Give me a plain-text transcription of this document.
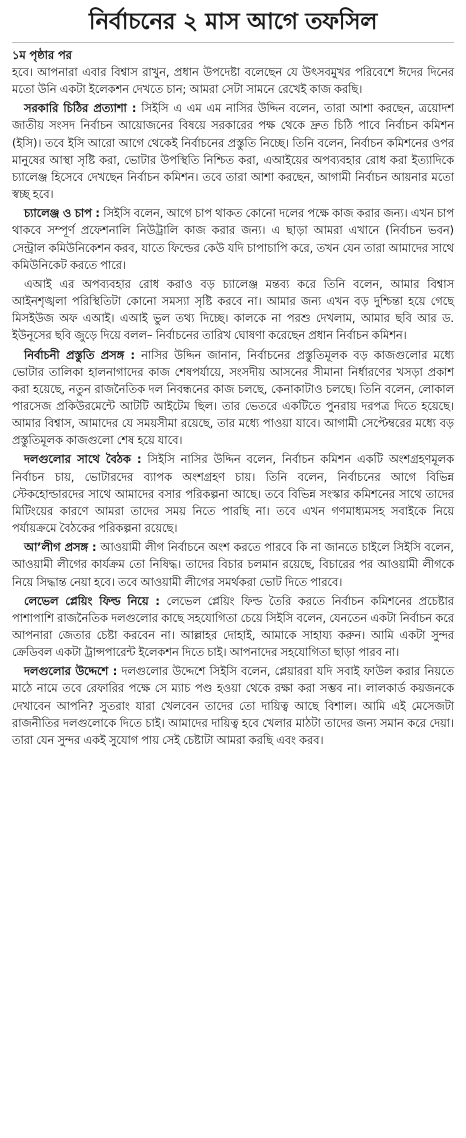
নির্বাচনের ২ মাস আগে তফসিল
১ম পৃষ্ঠার পর

হবে। আপনারা এবার বিশ্বাস রাখুন, প্রধান উপদেষ্টা বলেছেন যে উৎসবমুখর পরিবেশে ঈদের দিনের মতো উনি একটা ইলেকশন দেখতে চান; আমরা সেটা সামনে রেখেই কাজ করছি।

সরকারি চিঠির প্রত্যাশা : সিইসি এ এম এম নাসির উদ্দিন বলেন, তারা আশা করছেন, ত্রয়োদশ জাতীয় সংসদ নির্বাচন আয়োজনের বিষয়ে সরকারের পক্ষ থেকে দ্রুত চিঠি পাবে নির্বাচন কমিশন (ইসি)। তবে ইসি আরো আগে থেকেই নির্বাচনের প্রস্তুতি নিচ্ছে। তিনি বলেন, নির্বাচন কমিশনের ওপর মানুষের আস্থা সৃষ্টি করা, ভোটার উপস্থিতি নিশ্চিত করা, এআইয়ের অপব্যবহার রোধ করা ইত্যাদিকে চ্যালেঞ্জ হিসেবে দেখছেন নির্বাচন কমিশন। তবে তারা আশা করছেন, আগামী নির্বাচন আয়নার মতো স্বচ্ছ হবে।

চ্যালেঞ্জ ও চাপ : সিইসি বলেন, আগে চাপ থাকত কোনো দলের পক্ষে কাজ করার জন্য। এখন চাপ থাকবে সম্পূর্ণ প্রফেশনালি নিউট্রালি কাজ করার জন্য। এ ছাড়া আমরা এখানে (নির্বাচন ভবন) সেন্ট্রাল কমিউনিকেশন করব, যাতে ফিল্ডের কেউ যদি চাপাচাপি করে, তখন যেন তারা আমাদের সাথে কমিউনিকেট করতে পারে।

এআই এর অপব্যবহার রোধ করাও বড় চ্যালেঞ্জ মন্তব্য করে তিনি বলেন, আমার বিশ্বাস আইনশৃঙ্খলা পরিস্থিতিটা কোনো সমস্যা সৃষ্টি করবে না। আমার জন্য এখন বড় দুশ্চিন্তা হয়ে গেছে মিসইউজ অফ এআই। এআই ভুল তথ্য দিচ্ছে। কালকে না পরশু দেখলাম, আমার ছবি আর ড. ইউনূসের ছবি জুড়ে দিয়ে বলল– নির্বাচনের তারিখ ঘোষণা করেছেন প্রধান নির্বাচন কমিশন।

নির্বাচনী প্রস্তুতি প্রসঙ্গ : নাসির উদ্দিন জানান, নির্বাচনের প্রস্তুতিমূলক বড় কাজগুলোর মধ্যে ভোটার তালিকা হালনাগাদের কাজ শেষপর্যায়ে, সংসদীয় আসনের সীমানা নির্ধারণের খসড়া প্রকাশ করা হয়েছে, নতুন রাজনৈতিক দল নিবন্ধনের কাজ চলছে, কেনাকাটাও চলছে। তিনি বলেন, লোকাল পারসেজ প্রকিউরমেন্টে আটটি আইটেম ছিল। তার ভেতরে একটিতে পুনরায় দরপত্র দিতে হয়েছে। আমার বিশ্বাস, আমাদের যে সময়সীমা রয়েছে, তার মধ্যে পাওয়া যাবে। আগামী সেপ্টেম্বরের মধ্যে বড় প্রস্তুতিমূলক কাজগুলো শেষ হয়ে যাবে।

দলগুলোর সাথে বৈঠক : সিইসি নাসির উদ্দিন বলেন, নির্বাচন কমিশন একটি অংশগ্রহণমূলক নির্বাচন চায়, ভোটারদের ব্যাপক অংশগ্রহণ চায়। তিনি বলেন, নির্বাচনের আগে বিভিন্ন স্টেকহোল্ডারদের সাথে আমাদের বসার পরিকল্পনা আছে। তবে বিভিন্ন সংস্কার কমিশনের সাথে তাদের মিটিংয়ের কারণে আমরা তাদের সময় নিতে পারছি না। তবে এখন গণমাধ্যমসহ সবাইকে নিয়ে পর্যায়ক্রমে বৈঠকের পরিকল্পনা রয়েছে।

আ’লীগ প্রসঙ্গ : আওয়ামী লীগ নির্বাচনে অংশ করতে পারবে কি না জানতে চাইলে সিইসি বলেন, আওয়ামী লীগের কার্যক্রম তো নিষিদ্ধ। তাদের বিচার চলমান রয়েছে, বিচারের পর আওয়ামী লীগকে নিয়ে সিদ্ধান্ত নেয়া হবে। তবে আওয়ামী লীগের সমর্থকরা ভোট দিতে পারবে।

লেভেল প্লেয়িং ফিল্ড নিয়ে : লেভেল প্লেয়িং ফিল্ড তৈরি করতে নির্বাচন কমিশনের প্রচেষ্টার পাশাপাশি রাজনৈতিক দলগুলোর কাছে সহযোগিতা চেয়ে সিইসি বলেন, যেনতেন একটা নির্বাচন করে আপনারা জেতার চেষ্টা করবেন না। আল্লাহর দোহাই, আমাকে সাহায্য করুন। আমি একটা সুন্দর ক্রেডিবল একটা ট্রান্সপারেন্ট ইলেকশন দিতে চাই। আপনাদের সহযোগিতা ছাড়া পারব না।

দলগুলোর উদ্দেশে : দলগুলোর উদ্দেশে সিইসি বলেন, প্লেয়াররা যদি সবাই ফাউল করার নিয়তে মাঠে নামে তবে রেফারির পক্ষে সে ম্যাচ পণ্ড হওয়া থেকে রক্ষা করা সম্ভব না। লালকার্ড কয়জনকে দেখাবেন আপনি? সুতরাং যারা খেলবেন তাদের তো দায়িত্ব আছে বিশাল। আমি এই মেসেজটা রাজনীতির দলগুলোকে দিতে চাই। আমাদের দায়িত্ব হবে খেলার মাঠটা তাদের জন্য সমান করে দেয়া। তারা যেন সুন্দর একই সুযোগ পায় সেই চেষ্টাটা আমরা করছি এবং করব।
